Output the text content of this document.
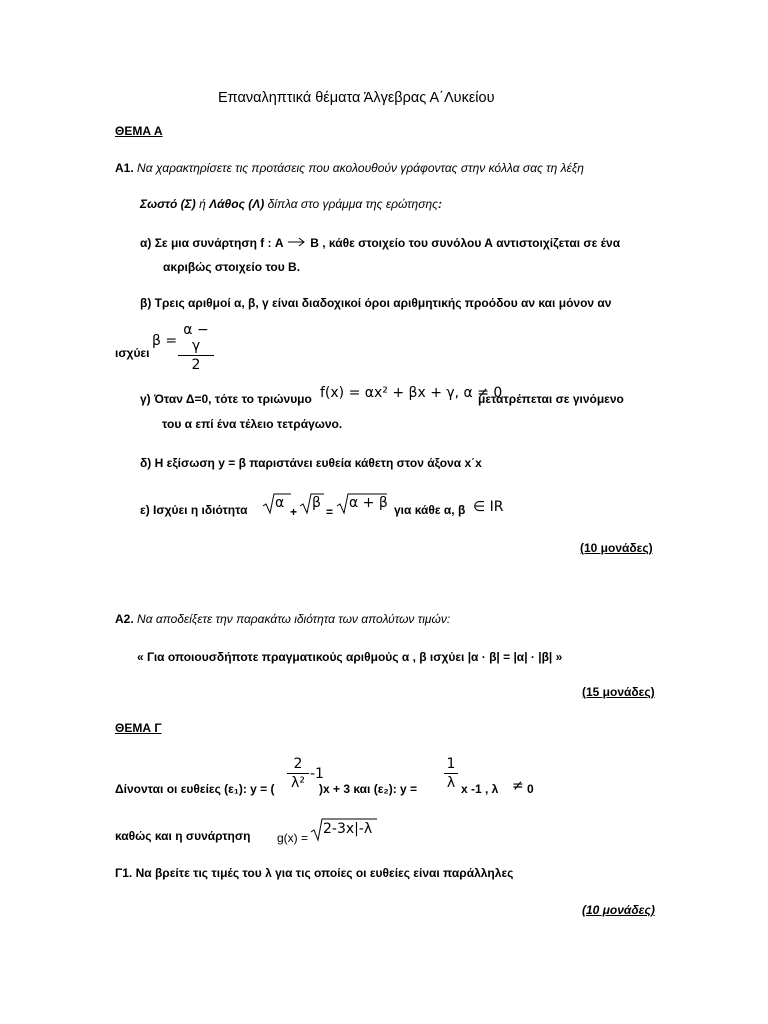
Επαναληπτικά θέματα Άλγεβρας Α΄Λυκείου
ΘΕΜΑ Α
Α1. Να χαρακτηρίσετε τις προτάσεις που ακολουθούν γράφοντας στην κόλλα σας τη λέξη
Σωστό (Σ) ή Λάθος (Λ) δίπλα στο γράμμα της ερώτησης:
α) Σε μια συνάρτηση f : Α Β , κάθε στοιχείο του συνόλου Α αντιστοιχίζεται σε ένα
ακριβώς στοιχείο του Β.
β) Τρεις αριθμοί α, β, γ είναι διαδοχικοί όροι αριθμητικής προόδου αν και μόνον αν
β =
α − γ
2
ισχύει
γ) Όταν Δ=0, τότε το τριώνυμο f(x) = αx² + βx + γ, α ≠ 0
μετατρέπεται σε γινόμενο
του α επί ένα τέλειο τετράγωνο.
δ) Η εξίσωση y = β παριστάνει ευθεία κάθετη στον άξονα x΄x
ε) Ισχύει η ιδιότητα α
+
β
=
α + β για κάθε α, β ∈ IR
(10 μονάδες)
Α2. Να αποδείξετε την παρακάτω ιδιότητα των απολύτων τιμών:
« Για οποιουσδήποτε πραγματικούς αριθμούς α , β ισχύει |α · β| = |α| · |β| »
(15 μονάδες)
ΘΕΜΑ Γ
Δίνονται οι ευθείες (ε₁): y = (
2
λ²
-1
)x + 3 και (ε₂): y =
1
λ x -1 , λ ≠ 0
καθώς και η συνάρτηση g(x) =
2-3x|-λ
Γ1. Να βρείτε τις τιμές του λ για τις οποίες οι ευθείες είναι παράλληλες
(10 μονάδες)
